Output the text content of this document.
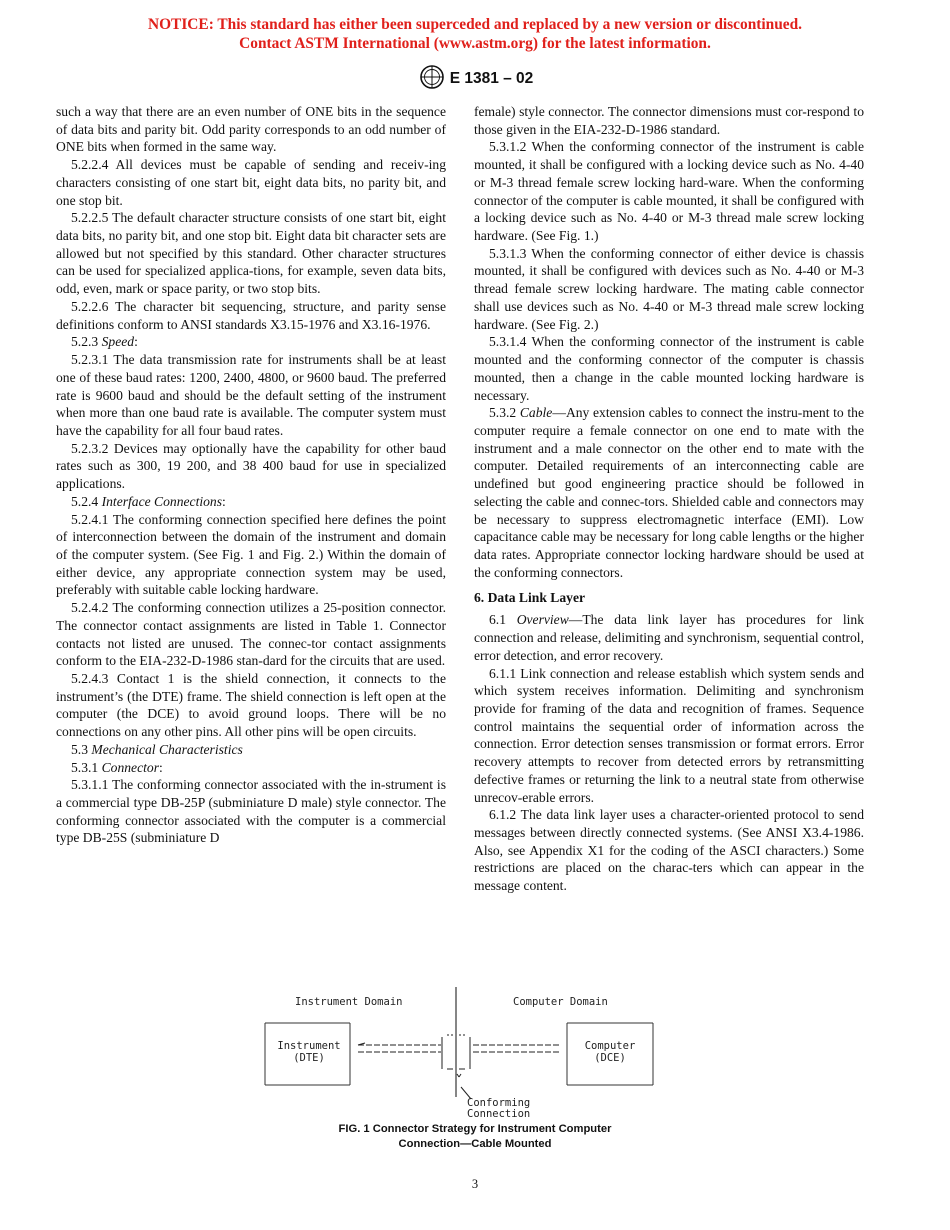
NOTICE: This standard has either been superceded and replaced by a new version or discontinued.
Contact ASTM International (www.astm.org) for the latest information.
E 1381 – 02

such a way that there are an even number of ONE bits in the sequence of data bits and parity bit. Odd parity corresponds to an odd number of ONE bits when formed in the same way.

5.2.2.4 All devices must be capable of sending and receiv-ing characters consisting of one start bit, eight data bits, no parity bit, and one stop bit.

5.2.2.5 The default character structure consists of one start bit, eight data bits, no parity bit, and one stop bit. Eight data bit character sets are allowed but not specified by this standard. Other character structures can be used for specialized applica-tions, for example, seven data bits, odd, even, mark or space parity, or two stop bits.

5.2.2.6 The character bit sequencing, structure, and parity sense definitions conform to ANSI standards X3.15-1976 and X3.16-1976.

5.2.3 Speed:

5.2.3.1 The data transmission rate for instruments shall be at least one of these baud rates: 1200, 2400, 4800, or 9600 baud. The preferred rate is 9600 baud and should be the default setting of the instrument when more than one baud rate is available. The computer system must have the capability for all four baud rates.

5.2.3.2 Devices may optionally have the capability for other baud rates such as 300, 19 200, and 38 400 baud for use in specialized applications.

5.2.4 Interface Connections:

5.2.4.1 The conforming connection specified here defines the point of interconnection between the domain of the instrument and domain of the computer system. (See Fig. 1 and Fig. 2.) Within the domain of either device, any appropriate connection system may be used, preferably with suitable cable locking hardware.

5.2.4.2 The conforming connection utilizes a 25-position connector. The connector contact assignments are listed in Table 1. Connector contacts not listed are unused. The connec-tor contact assignments conform to the EIA-232-D-1986 stan-dard for the circuits that are used.

5.2.4.3 Contact 1 is the shield connection, it connects to the instrument’s (the DTE) frame. The shield connection is left open at the computer (the DCE) to avoid ground loops. There will be no connections on any other pins. All other pins will be open circuits.

5.3 Mechanical Characteristics

5.3.1 Connector:

5.3.1.1 The conforming connector associated with the in-strument is a commercial type DB-25P (subminiature D male) style connector. The conforming connector associated with the computer is a commercial type DB-25S (subminiature D

female) style connector. The connector dimensions must cor-respond to those given in the EIA-232-D-1986 standard.

5.3.1.2 When the conforming connector of the instrument is cable mounted, it shall be configured with a locking device such as No. 4-40 or M-3 thread female screw locking hard-ware. When the conforming connector of the computer is cable mounted, it shall be configured with a locking device such as No. 4-40 or M-3 thread male screw locking hardware. (See Fig. 1.)

5.3.1.3 When the conforming connector of either device is chassis mounted, it shall be configured with devices such as No. 4-40 or M-3 thread female screw locking hardware. The mating cable connector shall use devices such as No. 4-40 or M-3 thread male screw locking hardware. (See Fig. 2.)

5.3.1.4 When the conforming connector of the instrument is cable mounted and the conforming connector of the computer is chassis mounted, then a change in the cable mounted locking hardware is necessary.

5.3.2 Cable—Any extension cables to connect the instru-ment to the computer require a female connector on one end to mate with the instrument and a male connector on the other end to mate with the computer. Detailed requirements of an interconnecting cable are undefined but good engineering practice should be followed in selecting the cable and connec-tors. Shielded cable and connectors may be necessary to suppress electromagnetic interface (EMI). Low capacitance cable may be necessary for long cable lengths or the higher data rates. Appropriate connector locking hardware should be used at the conforming connectors.

6. Data Link Layer

6.1 Overview—The data link layer has procedures for link connection and release, delimiting and synchronism, sequential control, error detection, and error recovery.

6.1.1 Link connection and release establish which system sends and which system receives information. Delimiting and synchronism provide for framing of the data and recognition of frames. Sequence control maintains the sequential order of information across the connection. Error detection senses transmission or format errors. Error recovery attempts to recover from detected errors by retransmitting defective frames or returning the link to a neutral state from otherwise unrecov-erable errors.

6.1.2 The data link layer uses a character-oriented protocol to send messages between directly connected systems. (See ANSI X3.4-1986. Also, see Appendix X1 for the coding of the ASCI characters.) Some restrictions are placed on the charac-ters which can appear in the message content.

Instrument Domain	Computer Domain
Instrument
(DTE)
Computer
(DCE)
Conforming
Connection
FIG. 1 Connector Strategy for Instrument Computer
Connection—Cable Mounted
3
